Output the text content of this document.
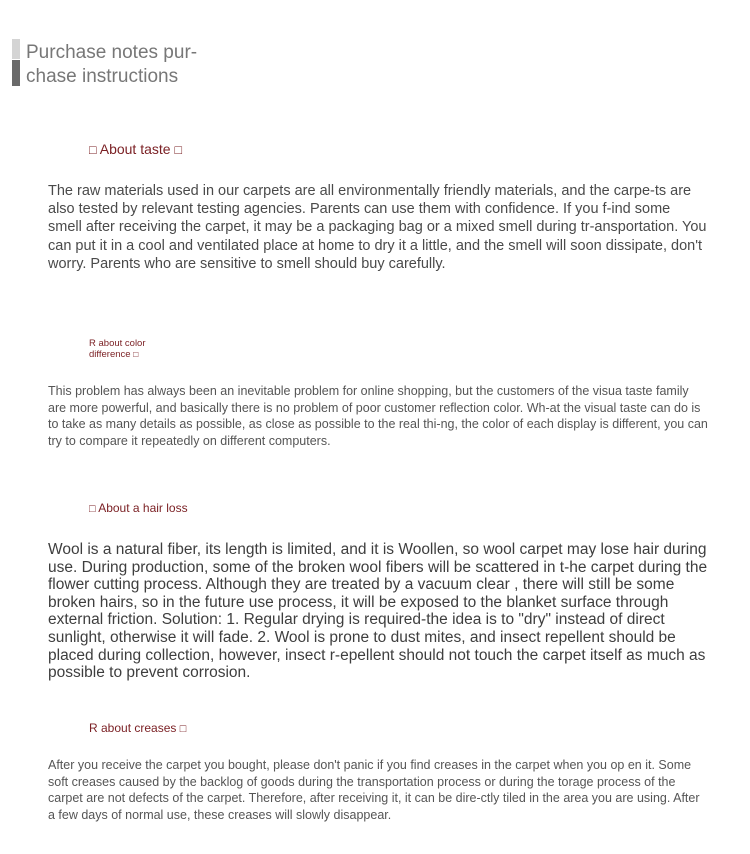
Purchase notes pur- chase instructions
□ About taste □

The raw materials used in our carpets are all environmentally friendly materials, and the carpe-ts are also tested by relevant testing agencies. Parents can use them with confidence. If you f-ind some smell after receiving the carpet, it may be a packaging bag or a mixed smell during tr-ansportation. You can put it in a cool and ventilated place at home to dry it a little, and the smell will soon dissipate, don't worry. Parents who are sensitive to smell should buy carefully.

R about color difference □

This problem has always been an inevitable problem for online shopping, but the customers of the visua taste family are more powerful, and basically there is no problem of poor customer reflection color. Wh-at the visual taste can do is to take as many details as possible, as close as possible to the real thi-ng, the color of each display is different, you can try to compare it repeatedly on different computers.

□ About a hair loss

Wool is a natural fiber, its length is limited, and it is Woollen, so wool carpet may lose hair during use. During production, some of the broken wool fibers will be scattered in t-he carpet during the flower cutting process. Although they are treated by a vacuum clear , there will still be some broken hairs, so in the future use process, it will be exposed to the blanket surface through external friction. Solution: 1. Regular drying is required-the idea is to "dry" instead of direct sunlight, otherwise it will fade. 2. Wool is prone to dust mites, and insect repellent should be placed during collection, however, insect r-epellent should not touch the carpet itself as much as possible to prevent corrosion.

R about creases □

After you receive the carpet you bought, please don't panic if you find creases in the carpet when you op en it. Some soft creases caused by the backlog of goods during the transportation process or during the torage process of the carpet are not defects of the carpet. Therefore, after receiving it, it can be dire-ctly tiled in the area you are using. After a few days of normal use, these creases will slowly disappear.
